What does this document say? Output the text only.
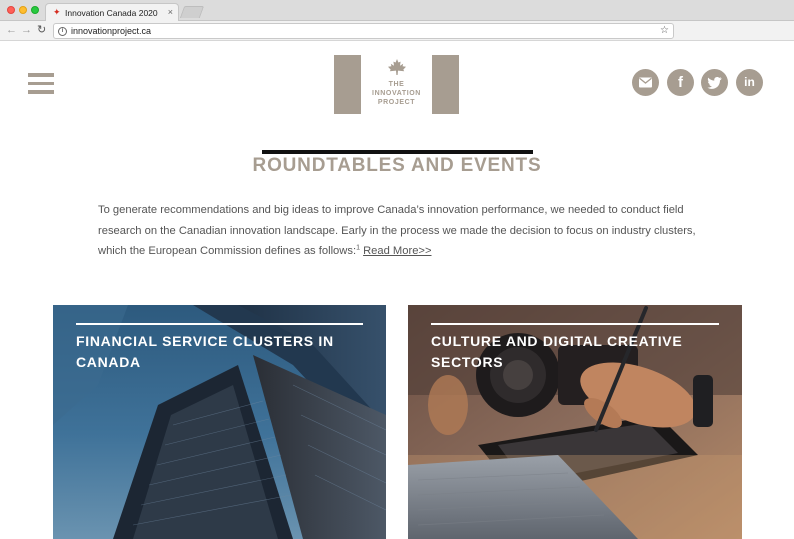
✦ Innovation Canada 2020 ×
← → ↻	i innovationproject.ca	☆
THE
INNOVATION
PROJECT
f	in
ROUNDTABLES AND EVENTS

To generate recommendations and big ideas to improve Canada’s innovation performance, we needed to conduct field research on the Canadian innovation landscape. Early in the process we made the decision to focus on industry clusters, which the European Commission defines as follows:$^1$ Read More>>

FINANCIAL SERVICE CLUSTERS IN CANADA
CULTURE AND DIGITAL CREATIVE SECTORS
